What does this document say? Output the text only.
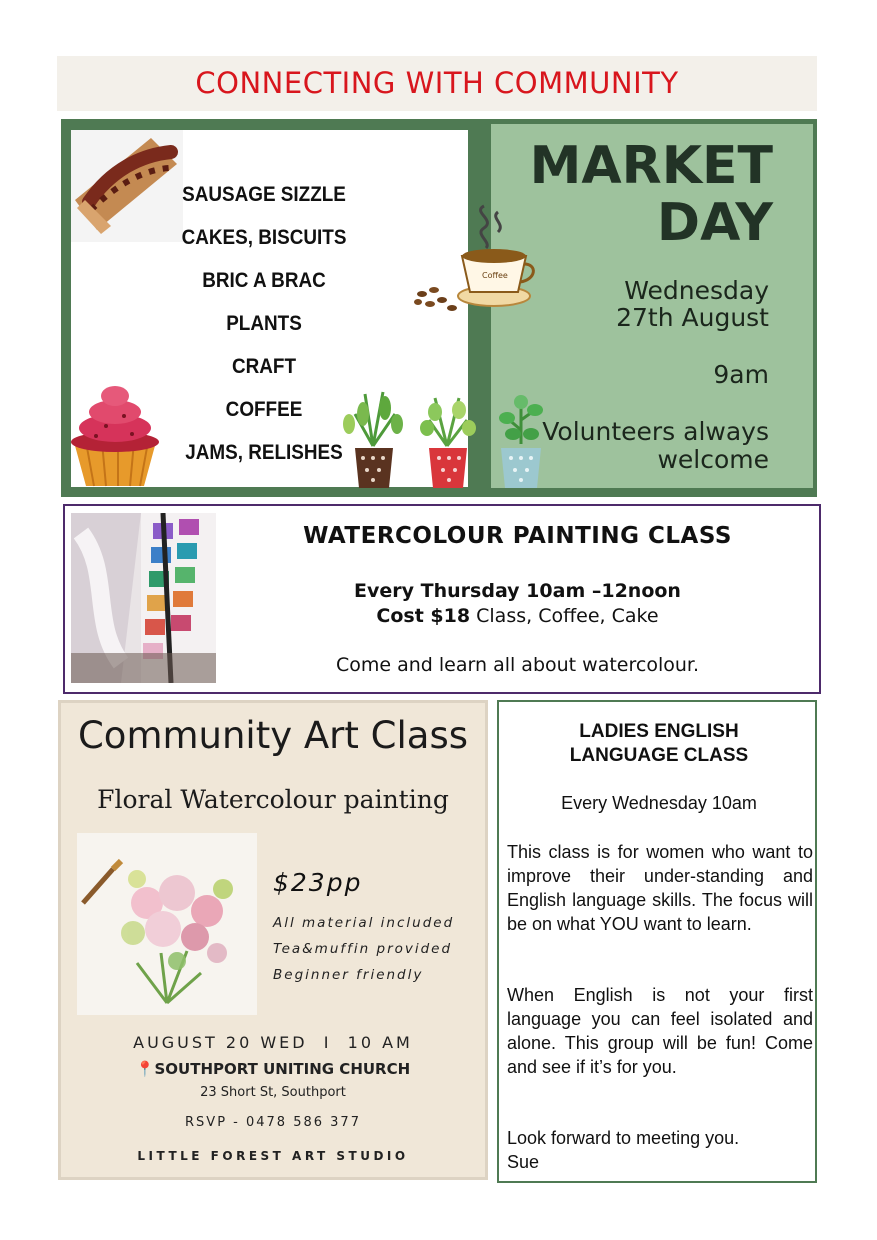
CONNECTING WITH COMMUNITY
SAUSAGE SIZZLE
CAKES, BISCUITS
BRIC A BRAC
PLANTS
CRAFT
COFFEE
JAMS, RELISHES
Coffee
MARKET
DAY
Wednesday
27th August
9am
Volunteers always
welcome
WATERCOLOUR PAINTING CLASS
Every Thursday 10am –12noon
Cost $18 Class, Coffee, Cake
Come and learn all about watercolour.
Community Art Class
Floral Watercolour painting
$23pp
All material included
Tea&muffin provided
Beginner friendly
AUGUST 20 WED  I  10 AM
📍SOUTHPORT UNITING CHURCH
23 Short St, Southport
RSVP - 0478 586 377
LITTLE FOREST ART STUDIO
LADIES ENGLISH
LANGUAGE CLASS
Every Wednesday 10am
This class is for women who want to improve their under-standing and English language skills. The focus will be on what YOU want to learn.
When English is not your first language you can feel isolated and alone. This group will be fun! Come and see if it’s for you.
Look forward to meeting you.
Sue
